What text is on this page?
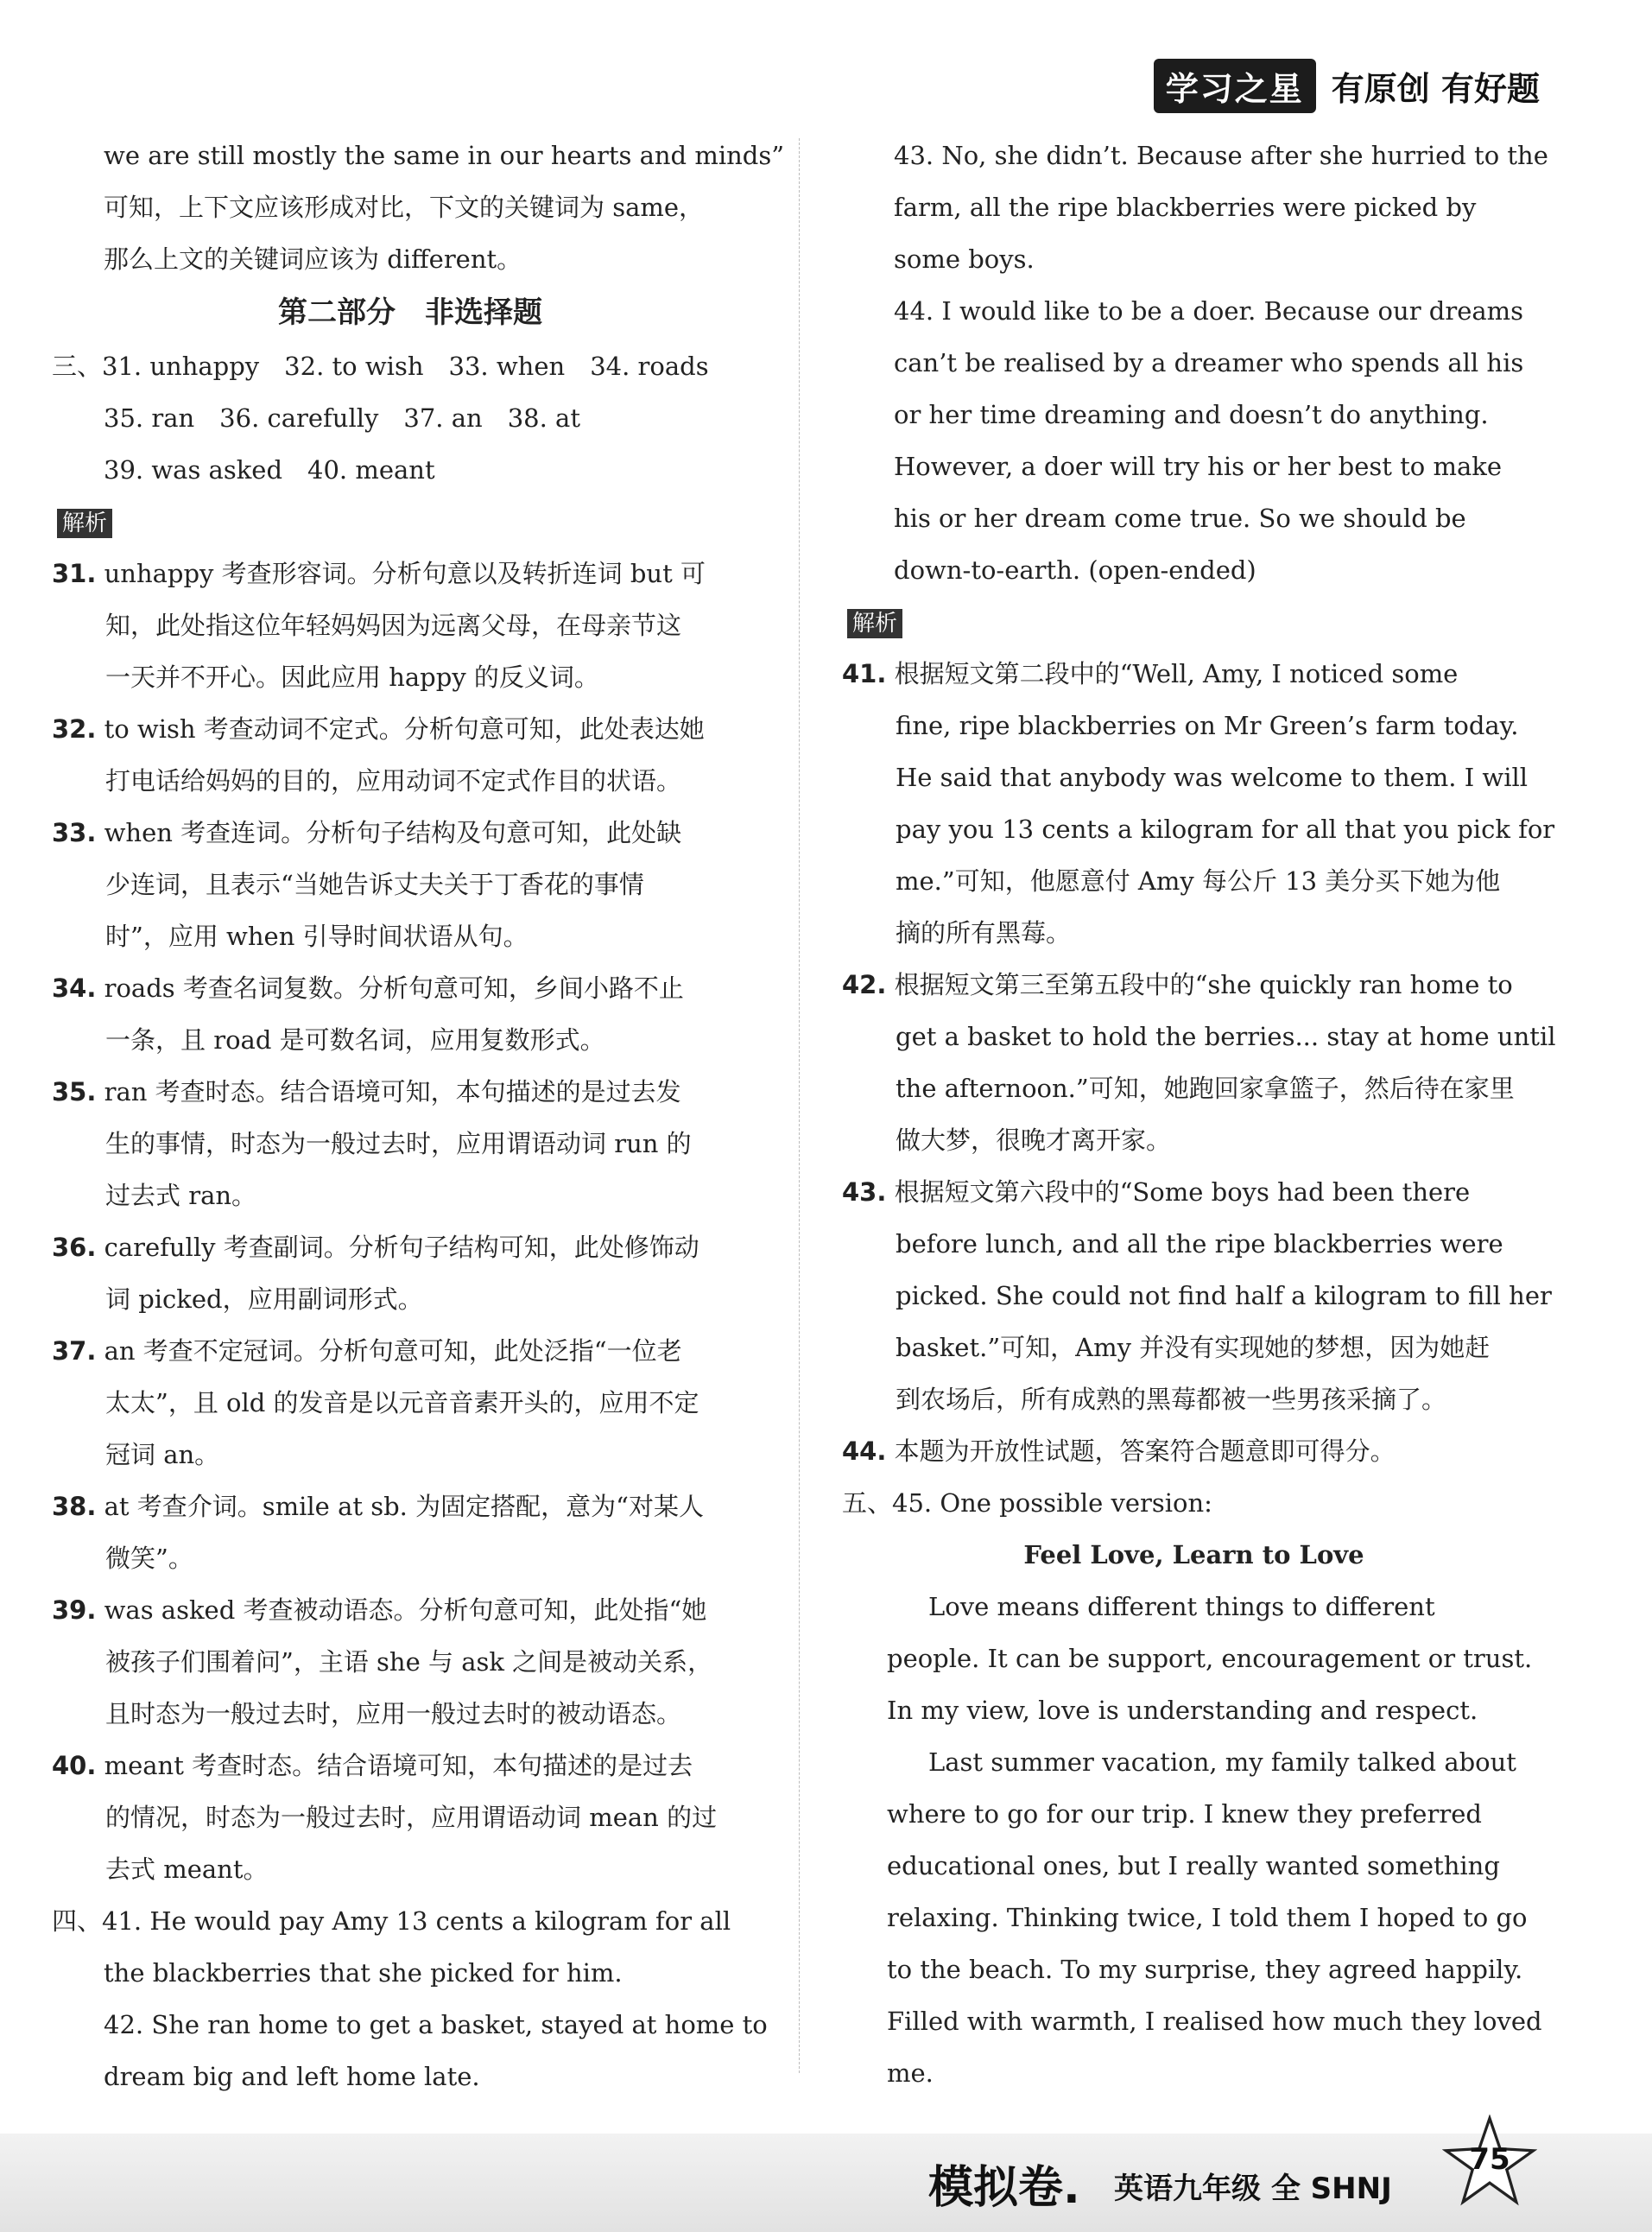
学习之星 有原创 有好题
we are still mostly the same in our hearts and minds”
可知，上下文应该形成对比，下文的关键词为 same，
那么上文的关键词应该为 different。
第二部分　非选择题
三、31. unhappy　32. to wish　33. when　34. roads
35. ran　36. carefully　37. an　38. at
39. was asked　40. meant
解析
31. unhappy 考查形容词。分析句意以及转折连词 but 可
知，此处指这位年轻妈妈因为远离父母，在母亲节这
一天并不开心。因此应用 happy 的反义词。
32. to wish 考查动词不定式。分析句意可知，此处表达她
打电话给妈妈的目的，应用动词不定式作目的状语。
33. when 考查连词。分析句子结构及句意可知，此处缺
少连词，且表示“当她告诉丈夫关于丁香花的事情
时”，应用 when 引导时间状语从句。
34. roads 考查名词复数。分析句意可知，乡间小路不止
一条，且 road 是可数名词，应用复数形式。
35. ran 考查时态。结合语境可知，本句描述的是过去发
生的事情，时态为一般过去时，应用谓语动词 run 的
过去式 ran。
36. carefully 考查副词。分析句子结构可知，此处修饰动
词 picked，应用副词形式。
37. an 考查不定冠词。分析句意可知，此处泛指“一位老
太太”，且 old 的发音是以元音音素开头的，应用不定
冠词 an。
38. at 考查介词。smile at sb. 为固定搭配，意为“对某人
微笑”。
39. was asked 考查被动语态。分析句意可知，此处指“她
被孩子们围着问”，主语 she 与 ask 之间是被动关系，
且时态为一般过去时，应用一般过去时的被动语态。
40. meant 考查时态。结合语境可知，本句描述的是过去
的情况，时态为一般过去时，应用谓语动词 mean 的过
去式 meant。
四、41. He would pay Amy 13 cents a kilogram for all
the blackberries that she picked for him.
42. She ran home to get a basket, stayed at home to
dream big and left home late.
43. No, she didn’t. Because after she hurried to the
farm, all the ripe blackberries were picked by
some boys.
44. I would like to be a doer. Because our dreams
can’t be realised by a dreamer who spends all his
or her time dreaming and doesn’t do anything.
However, a doer will try his or her best to make
his or her dream come true. So we should be
down-to-earth. (open-ended)
解析
41. 根据短文第二段中的“Well, Amy, I noticed some
fine, ripe blackberries on Mr Green’s farm today.
He said that anybody was welcome to them. I will
pay you 13 cents a kilogram for all that you pick for
me.”可知，他愿意付 Amy 每公斤 13 美分买下她为他
摘的所有黑莓。
42. 根据短文第三至第五段中的“she quickly ran home to
get a basket to hold the berries... stay at home until
the afternoon.”可知，她跑回家拿篮子，然后待在家里
做大梦，很晚才离开家。
43. 根据短文第六段中的“Some boys had been there
before lunch, and all the ripe blackberries were
picked. She could not find half a kilogram to fill her
basket.”可知，Amy 并没有实现她的梦想，因为她赶
到农场后，所有成熟的黑莓都被一些男孩采摘了。
44. 本题为开放性试题，答案符合题意即可得分。
五、45. One possible version:
Feel Love, Learn to Love
Love means different things to different
people. It can be support, encouragement or trust.
In my view, love is understanding and respect.
Last summer vacation, my family talked about
where to go for our trip. I knew they preferred
educational ones, but I really wanted something
relaxing. Thinking twice, I told them I hoped to go
to the beach. To my surprise, they agreed happily.
Filled with warmth, I realised how much they loved
me.
模拟卷. 英语九年级 全 SHNJ
75
